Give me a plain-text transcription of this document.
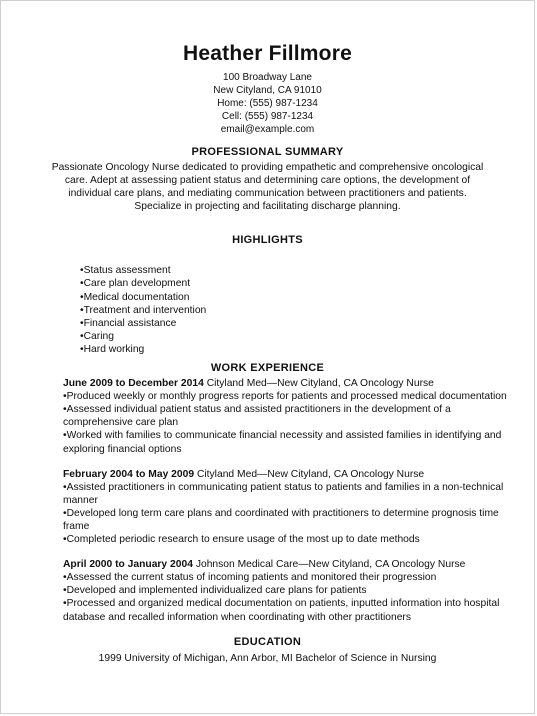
Heather Fillmore
100 Broadway Lane
New Cityland, CA 91010
Home: (555) 987-1234
Cell: (555) 987-1234
email@example.com
PROFESSIONAL SUMMARY
Passionate Oncology Nurse dedicated to providing empathetic and comprehensive oncological care. Adept at assessing patient status and determining care options, the development of individual care plans, and mediating communication between practitioners and patients. Specialize in projecting and facilitating discharge planning.
HIGHLIGHTS
• Status assessment
• Care plan development
• Medical documentation
• Treatment and intervention
• Financial assistance
• Caring
• Hard working
WORK EXPERIENCE
June 2009 to December 2014 Cityland Med—New Cityland, CA Oncology Nurse
• Produced weekly or monthly progress reports for patients and processed medical documentation
• Assessed individual patient status and assisted practitioners in the development of a comprehensive care plan
• Worked with families to communicate financial necessity and assisted families in identifying and exploring financial options
February 2004 to May 2009 Cityland Med—New Cityland, CA Oncology Nurse
• Assisted practitioners in communicating patient status to patients and families in a non-technical manner
• Developed long term care plans and coordinated with practitioners to determine prognosis time frame
• Completed periodic research to ensure usage of the most up to date methods
April 2000 to January 2004 Johnson Medical Care—New Cityland, CA Oncology Nurse
• Assessed the current status of incoming patients and monitored their progression
• Developed and implemented individualized care plans for patients
• Processed and organized medical documentation on patients, inputted information into hospital database and recalled information when coordinating with other practitioners
EDUCATION
1999 University of Michigan, Ann Arbor, MI Bachelor of Science in Nursing
